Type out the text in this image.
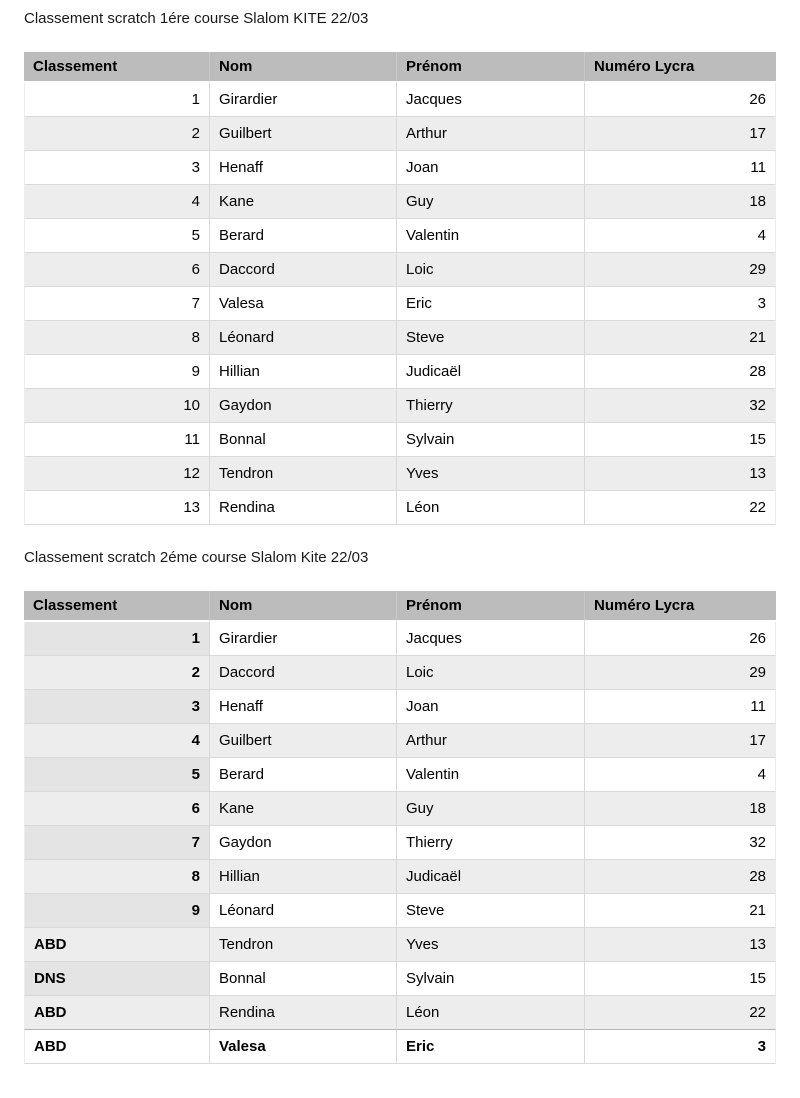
Classement scratch 1ére course Slalom KITE 22/03
Classement	Nom	Prénom	Numéro Lycra
1	Girardier	Jacques	26
2	Guilbert	Arthur	17
3	Henaff	Joan	11
4	Kane	Guy	18
5	Berard	Valentin	4
6	Daccord	Loic	29
7	Valesa	Eric	3
8	Léonard	Steve	21
9	Hillian	Judicaël	28
10	Gaydon	Thierry	32
11	Bonnal	Sylvain	15
12	Tendron	Yves	13
13	Rendina	Léon	22
Classement scratch 2éme course Slalom Kite 22/03
Classement	Nom	Prénom	Numéro Lycra
1	Girardier	Jacques	26
2	Daccord	Loic	29
3	Henaff	Joan	11
4	Guilbert	Arthur	17
5	Berard	Valentin	4
6	Kane	Guy	18
7	Gaydon	Thierry	32
8	Hillian	Judicaël	28
9	Léonard	Steve	21
ABD	Tendron	Yves	13
DNS	Bonnal	Sylvain	15
ABD	Rendina	Léon	22
ABD	Valesa	Eric	3
